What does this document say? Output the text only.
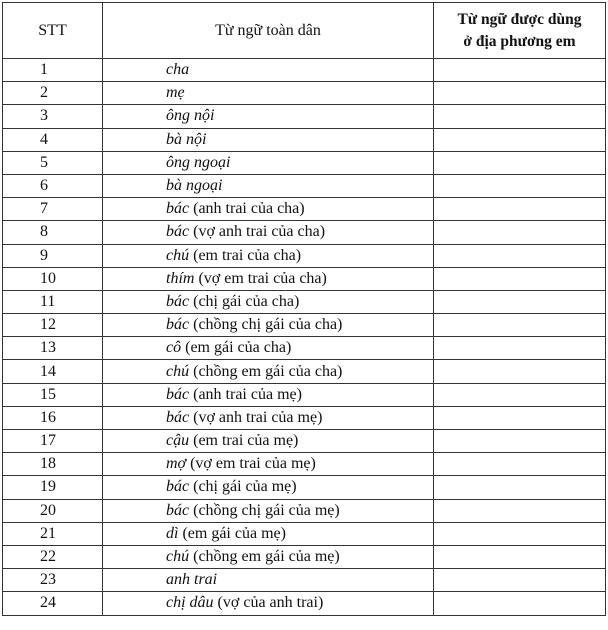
STT	Từ ngữ toàn dân	Từ ngữ được dùng
ở địa phương em

1	cha	
2	mẹ	
3	ông nội	
4	bà nội	
5	ông ngoại	
6	bà ngoại	
7	bác (anh trai của cha)	
8	bác (vợ anh trai của cha)	
9	chú (em trai của cha)	
10	thím (vợ em trai của cha)	
11	bác (chị gái của cha)	
12	bác (chồng chị gái của cha)	
13	cô (em gái của cha)	
14	chú (chồng em gái của cha)	
15	bác (anh trai của mẹ)	
16	bác (vợ anh trai của mẹ)	
17	cậu (em trai của mẹ)	
18	mợ (vợ em trai của mẹ)	
19	bác (chị gái của mẹ)	
20	bác (chồng chị gái của mẹ)	
21	dì (em gái của mẹ)	
22	chú (chồng em gái của mẹ)	
23	anh trai	
24	chị dâu (vợ của anh trai)	
